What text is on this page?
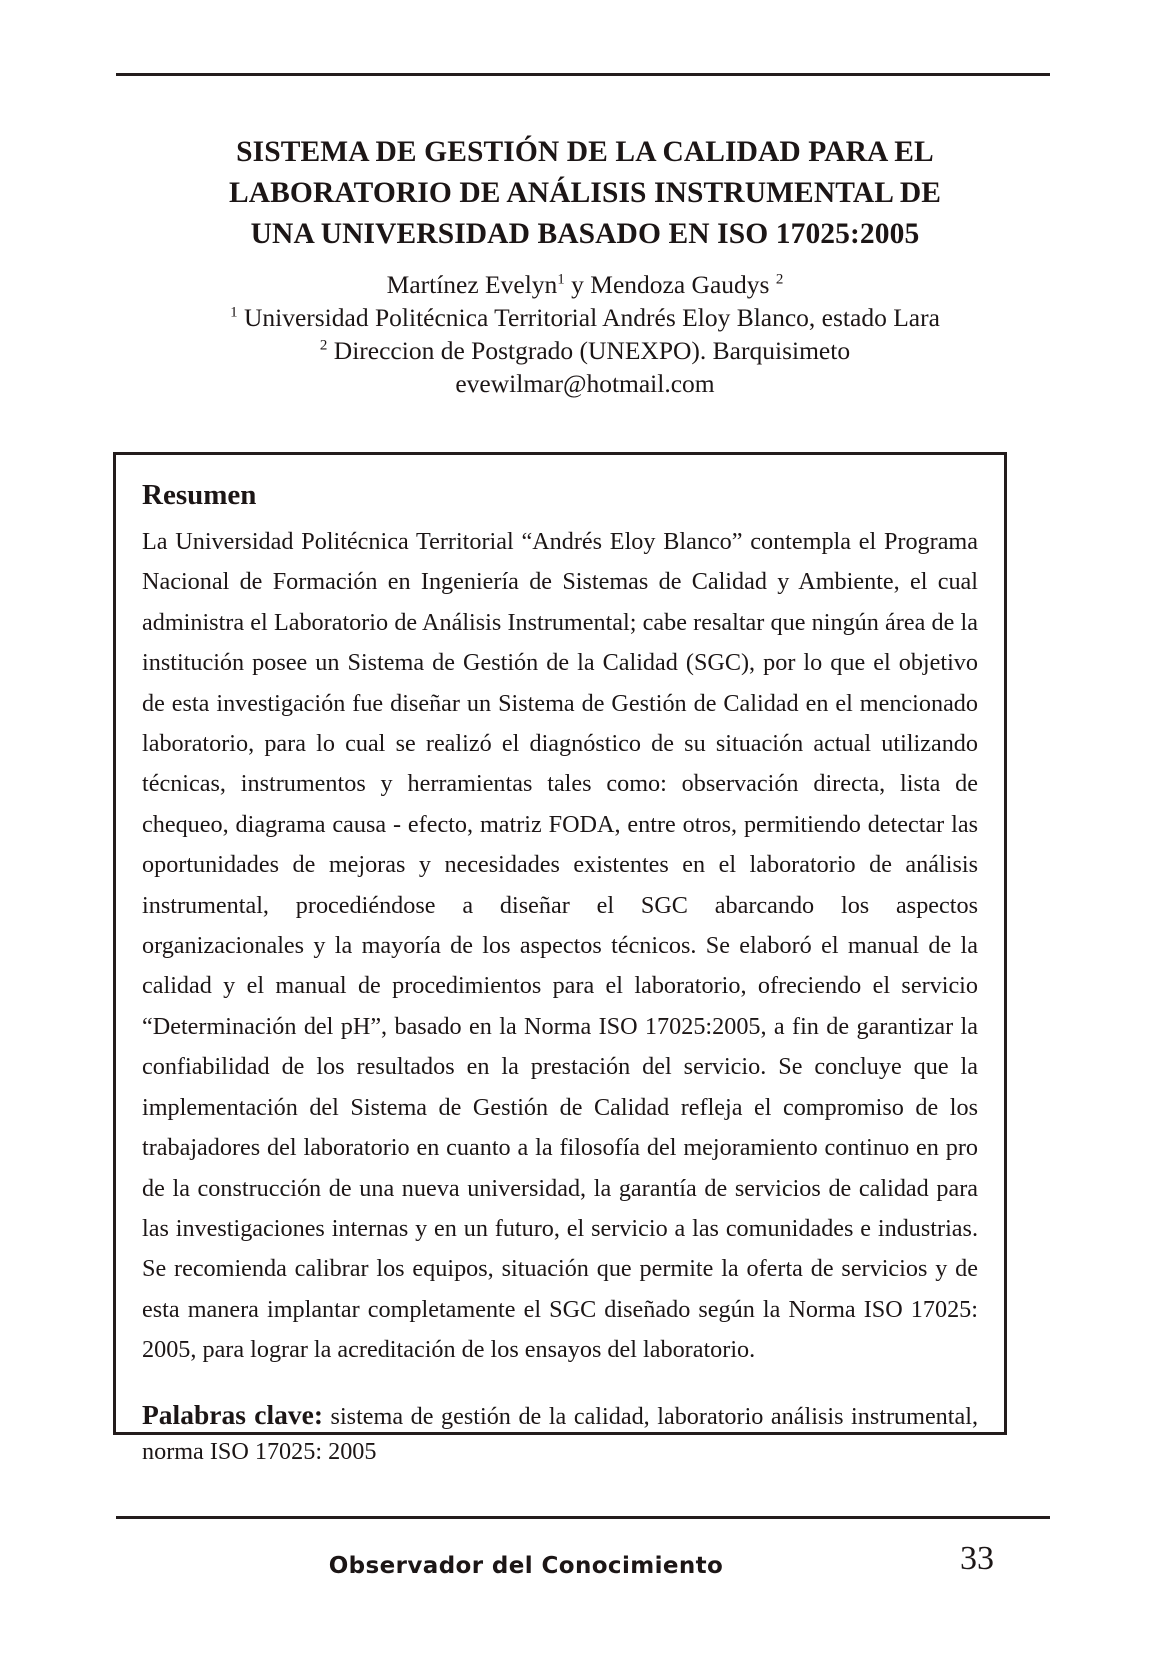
SISTEMA DE GESTIÓN DE LA CALIDAD PARA EL
LABORATORIO DE ANÁLISIS INSTRUMENTAL DE
UNA UNIVERSIDAD BASADO EN ISO 17025:2005
Martínez Evelyn$^1$ y Mendoza Gaudys $^2$
$^1$ Universidad Politécnica Territorial Andrés Eloy Blanco, estado Lara
$^2$ Direccion de Postgrado (UNEXPO). Barquisimeto
evewilmar@hotmail.com
Resumen

La Universidad Politécnica Territorial “Andrés Eloy Blanco” contempla el Programa Nacional de Formación en Ingeniería de Sistemas de Calidad y Ambiente, el cual administra el Laboratorio de Análisis Instrumental; cabe resaltar que ningún área de la institución posee un Sistema de Gestión de la Calidad (SGC), por lo que el objetivo de esta investigación fue diseñar un Sistema de Gestión de Calidad en el mencionado laboratorio, para lo cual se realizó el diagnóstico de su situación actual utilizando técnicas, instrumentos y herramientas tales como: observación directa, lista de chequeo, diagrama causa - efecto, matriz FODA, entre otros, permitiendo detectar las oportunidades de mejoras y necesidades existentes en el laboratorio de análisis instrumental, procediéndose a diseñar el SGC abarcando los aspectos organizacionales y la mayoría de los aspectos técnicos. Se elaboró el manual de la calidad y el manual de procedimientos para el laboratorio, ofreciendo el servicio “Determinación del pH”, basado en la Norma ISO 17025:2005, a fin de garantizar la confiabilidad de los resultados en la prestación del servicio. Se concluye que la implementación del Sistema de Gestión de Calidad refleja el compromiso de los trabajadores del laboratorio en cuanto a la filosofía del mejoramiento continuo en pro de la construcción de una nueva universidad, la garantía de servicios de calidad para las investigaciones internas y en un futuro, el servicio a las comunidades e industrias. Se recomienda calibrar los equipos, situación que permite la oferta de servicios y de esta manera implantar completamente el SGC diseñado según la Norma ISO 17025: 2005, para lograr la acreditación de los ensayos del laboratorio.

Palabras clave: sistema de gestión de la calidad, laboratorio análisis instrumental, norma ISO 17025: 2005

Observador del Conocimiento	33
